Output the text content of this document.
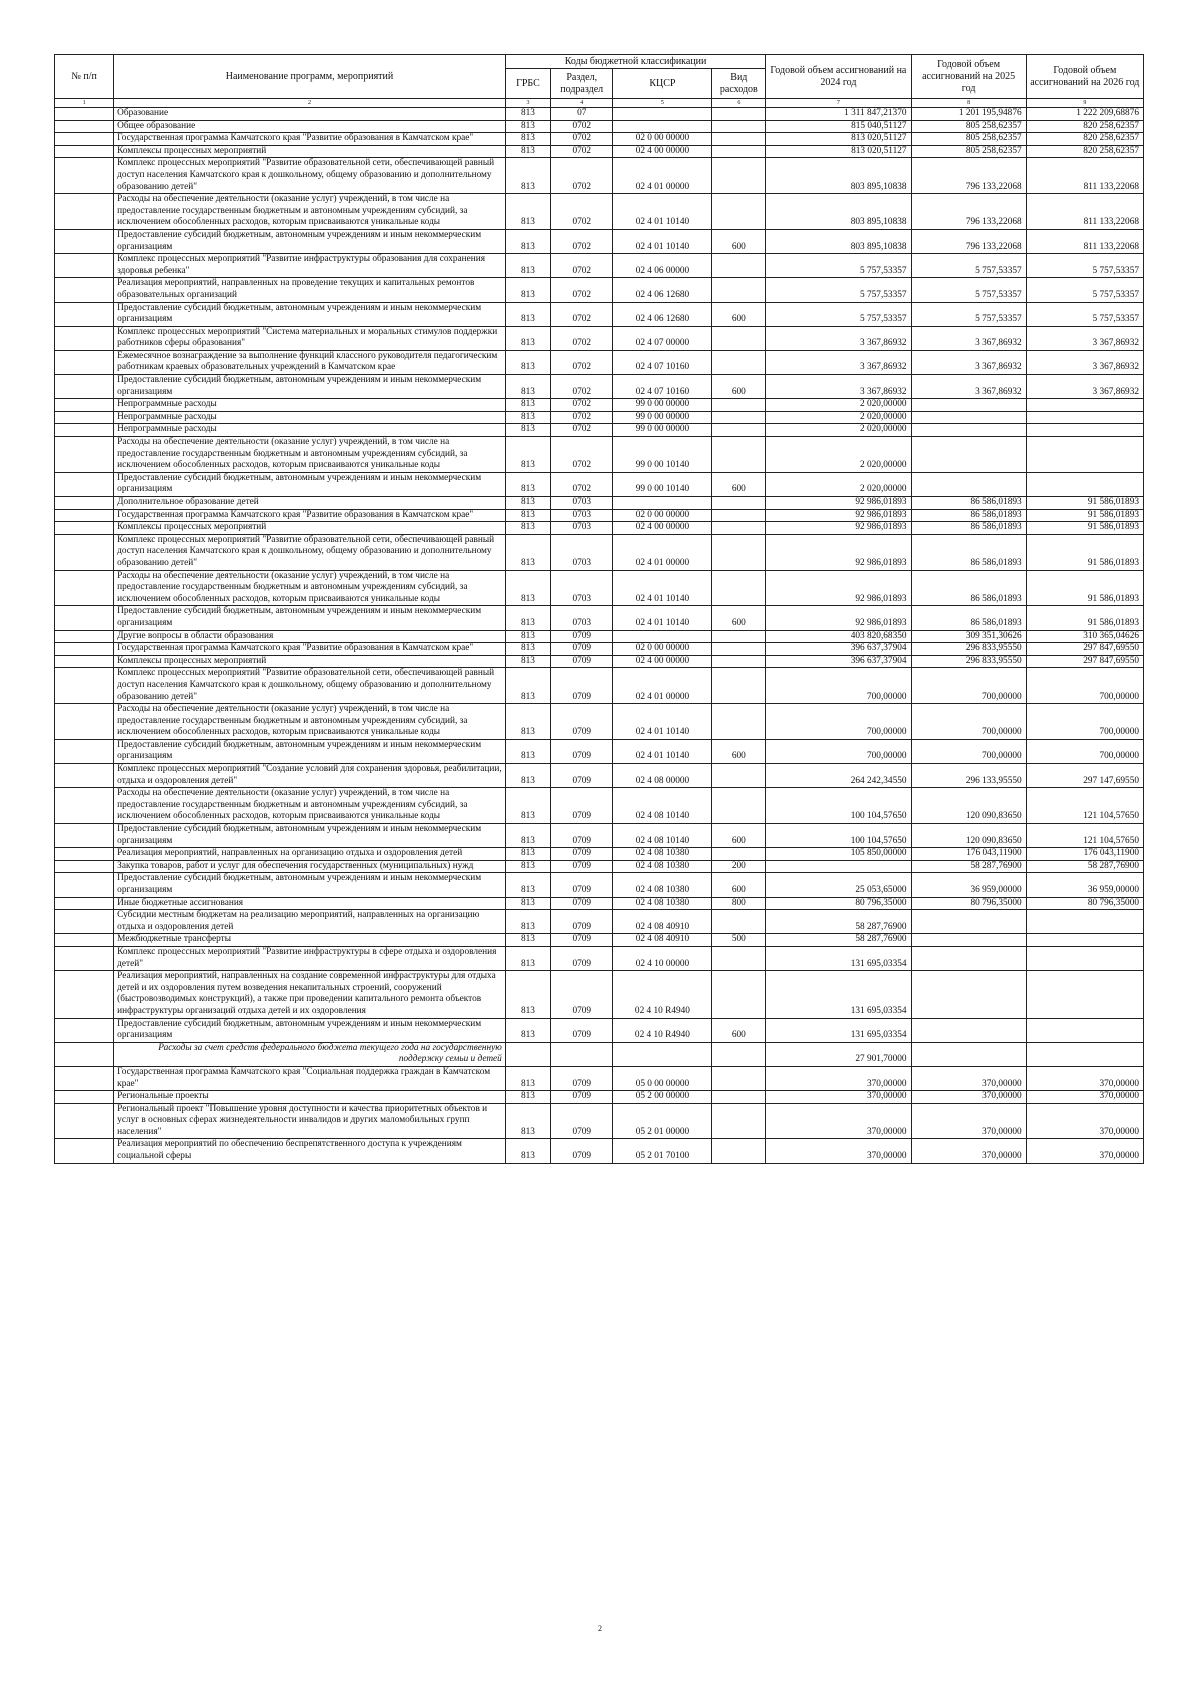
№ п/п	Наименование программ, мероприятий	Коды бюджетной классификации				Годовой объем ассигнований на 2024 год	Годовой объем ассигнований на 2025 год	Годовой объем ассигнований на 2026 год
		ГРБС	Раздел, подраздел	КЦСР	Вид расходов			
1	2	3	4	5	6	7	8	9
	Образование	813	07			1 311 847,21370	1 201 195,94876	1 222 209,68876
	Общее образование	813	0702			815 040,51127	805 258,62357	820 258,62357
	Государственная программа Камчатского края "Развитие образования в Камчатском крае"	813	0702	02 0 00 00000		813 020,51127	805 258,62357	820 258,62357
	Комплексы процессных мероприятий	813	0702	02 4 00 00000		813 020,51127	805 258,62357	820 258,62357
	Комплекс процессных мероприятий "Развитие образовательной сети, обеспечивающей равный доступ населения Камчатского края к дошкольному, общему образованию и дополнительному образованию детей"	813	0702	02 4 01 00000		803 895,10838	796 133,22068	811 133,22068
	Расходы на обеспечение деятельности (оказание услуг) учреждений, в том числе на предоставление государственным бюджетным и автономным учреждениям субсидий, за исключением обособленных расходов, которым присваиваются уникальные коды	813	0702	02 4 01 10140		803 895,10838	796 133,22068	811 133,22068
	Предоставление субсидий бюджетным, автономным учреждениям и иным некоммерческим организациям	813	0702	02 4 01 10140	600	803 895,10838	796 133,22068	811 133,22068
	Комплекс процессных мероприятий "Развитие инфраструктуры образования для сохранения здоровья ребенка"	813	0702	02 4 06 00000		5 757,53357	5 757,53357	5 757,53357
	Реализация мероприятий, направленных на проведение текущих и капитальных ремонтов образовательных организаций	813	0702	02 4 06 12680		5 757,53357	5 757,53357	5 757,53357
	Предоставление субсидий бюджетным, автономным учреждениям и иным некоммерческим организациям	813	0702	02 4 06 12680	600	5 757,53357	5 757,53357	5 757,53357
	Комплекс процессных мероприятий "Система материальных и моральных стимулов поддержки работников сферы образования"	813	0702	02 4 07 00000		3 367,86932	3 367,86932	3 367,86932
	Ежемесячное вознаграждение за выполнение функций классного руководителя педагогическим работникам краевых образовательных учреждений в Камчатском крае	813	0702	02 4 07 10160		3 367,86932	3 367,86932	3 367,86932
	Предоставление субсидий бюджетным, автономным учреждениям и иным некоммерческим организациям	813	0702	02 4 07 10160	600	3 367,86932	3 367,86932	3 367,86932
	Непрограммные расходы	813	0702	99 0 00 00000		2 020,00000		
	Непрограммные расходы	813	0702	99 0 00 00000		2 020,00000		
	Непрограммные расходы	813	0702	99 0 00 00000		2 020,00000		
	Расходы на обеспечение деятельности (оказание услуг) учреждений, в том числе на предоставление государственным бюджетным и автономным учреждениям субсидий, за исключением обособленных расходов, которым присваиваются уникальные коды	813	0702	99 0 00 10140		2 020,00000		
	Предоставление субсидий бюджетным, автономным учреждениям и иным некоммерческим организациям	813	0702	99 0 00 10140	600	2 020,00000		
	Дополнительное образование детей	813	0703			92 986,01893	86 586,01893	91 586,01893
	Государственная программа Камчатского края "Развитие образования в Камчатском крае"	813	0703	02 0 00 00000		92 986,01893	86 586,01893	91 586,01893
	Комплексы процессных мероприятий	813	0703	02 4 00 00000		92 986,01893	86 586,01893	91 586,01893
	Комплекс процессных мероприятий "Развитие образовательной сети, обеспечивающей равный доступ населения Камчатского края к дошкольному, общему образованию и дополнительному образованию детей"	813	0703	02 4 01 00000		92 986,01893	86 586,01893	91 586,01893
	Расходы на обеспечение деятельности (оказание услуг) учреждений, в том числе на предоставление государственным бюджетным и автономным учреждениям субсидий, за исключением обособленных расходов, которым присваиваются уникальные коды	813	0703	02 4 01 10140		92 986,01893	86 586,01893	91 586,01893
	Предоставление субсидий бюджетным, автономным учреждениям и иным некоммерческим организациям	813	0703	02 4 01 10140	600	92 986,01893	86 586,01893	91 586,01893
	Другие вопросы в области образования	813	0709			403 820,68350	309 351,30626	310 365,04626
	Государственная программа Камчатского края "Развитие образования в Камчатском крае"	813	0709	02 0 00 00000		396 637,37904	296 833,95550	297 847,69550
	Комплексы процессных мероприятий	813	0709	02 4 00 00000		396 637,37904	296 833,95550	297 847,69550
	Комплекс процессных мероприятий "Развитие образовательной сети, обеспечивающей равный доступ населения Камчатского края к дошкольному, общему образованию и дополнительному образованию детей"	813	0709	02 4 01 00000		700,00000	700,00000	700,00000
	Расходы на обеспечение деятельности (оказание услуг) учреждений, в том числе на предоставление государственным бюджетным и автономным учреждениям субсидий, за исключением обособленных расходов, которым присваиваются уникальные коды	813	0709	02 4 01 10140		700,00000	700,00000	700,00000
	Предоставление субсидий бюджетным, автономным учреждениям и иным некоммерческим организациям	813	0709	02 4 01 10140	600	700,00000	700,00000	700,00000
	Комплекс процессных мероприятий "Создание условий для сохранения здоровья, реабилитации, отдыха и оздоровления детей"	813	0709	02 4 08 00000		264 242,34550	296 133,95550	297 147,69550
	Расходы на обеспечение деятельности (оказание услуг) учреждений, в том числе на предоставление государственным бюджетным и автономным учреждениям субсидий, за исключением обособленных расходов, которым присваиваются уникальные коды	813	0709	02 4 08 10140		100 104,57650	120 090,83650	121 104,57650
	Предоставление субсидий бюджетным, автономным учреждениям и иным некоммерческим организациям	813	0709	02 4 08 10140	600	100 104,57650	120 090,83650	121 104,57650
	Реализация мероприятий, направленных на организацию отдыха и оздоровления детей	813	0709	02 4 08 10380		105 850,00000	176 043,11900	176 043,11900
	Закупка товаров, работ и услуг для обеспечения государственных (муниципальных) нужд	813	0709	02 4 08 10380	200		58 287,76900	58 287,76900
	Предоставление субсидий бюджетным, автономным учреждениям и иным некоммерческим организациям	813	0709	02 4 08 10380	600	25 053,65000	36 959,00000	36 959,00000
	Иные бюджетные ассигнования	813	0709	02 4 08 10380	800	80 796,35000	80 796,35000	80 796,35000
	Субсидии местным бюджетам на реализацию мероприятий, направленных на организацию отдыха и оздоровления детей	813	0709	02 4 08 40910		58 287,76900		
	Межбюджетные трансферты	813	0709	02 4 08 40910	500	58 287,76900		
	Комплекс процессных мероприятий "Развитие инфраструктуры в сфере отдыха и оздоровления детей"	813	0709	02 4 10 00000		131 695,03354		
	Реализация мероприятий, направленных на создание современной инфраструктуры для отдыха детей и их оздоровления путем возведения некапитальных строений, сооружений (быстровозводимых конструкций), а также при проведении капитального ремонта объектов инфраструктуры организаций отдыха детей и их оздоровления	813	0709	02 4 10 R4940		131 695,03354		
	Предоставление субсидий бюджетным, автономным учреждениям и иным некоммерческим организациям	813	0709	02 4 10 R4940	600	131 695,03354		
	Расходы за счет средств федерального бюджета текущего года на государственную поддержку семьи и детей					27 901,70000		
	Государственная программа Камчатского края "Социальная поддержка граждан в Камчатском крае"	813	0709	05 0 00 00000		370,00000	370,00000	370,00000
	Региональные проекты	813	0709	05 2 00 00000		370,00000	370,00000	370,00000
	Региональный проект "Повышение уровня доступности и качества приоритетных объектов и услуг в основных сферах жизнедеятельности инвалидов и других маломобильных групп населения"	813	0709	05 2 01 00000		370,00000	370,00000	370,00000
	Реализация мероприятий по обеспечению беспрепятственного доступа к учреждениям социальной сферы	813	0709	05 2 01 70100		370,00000	370,00000	370,00000
2
